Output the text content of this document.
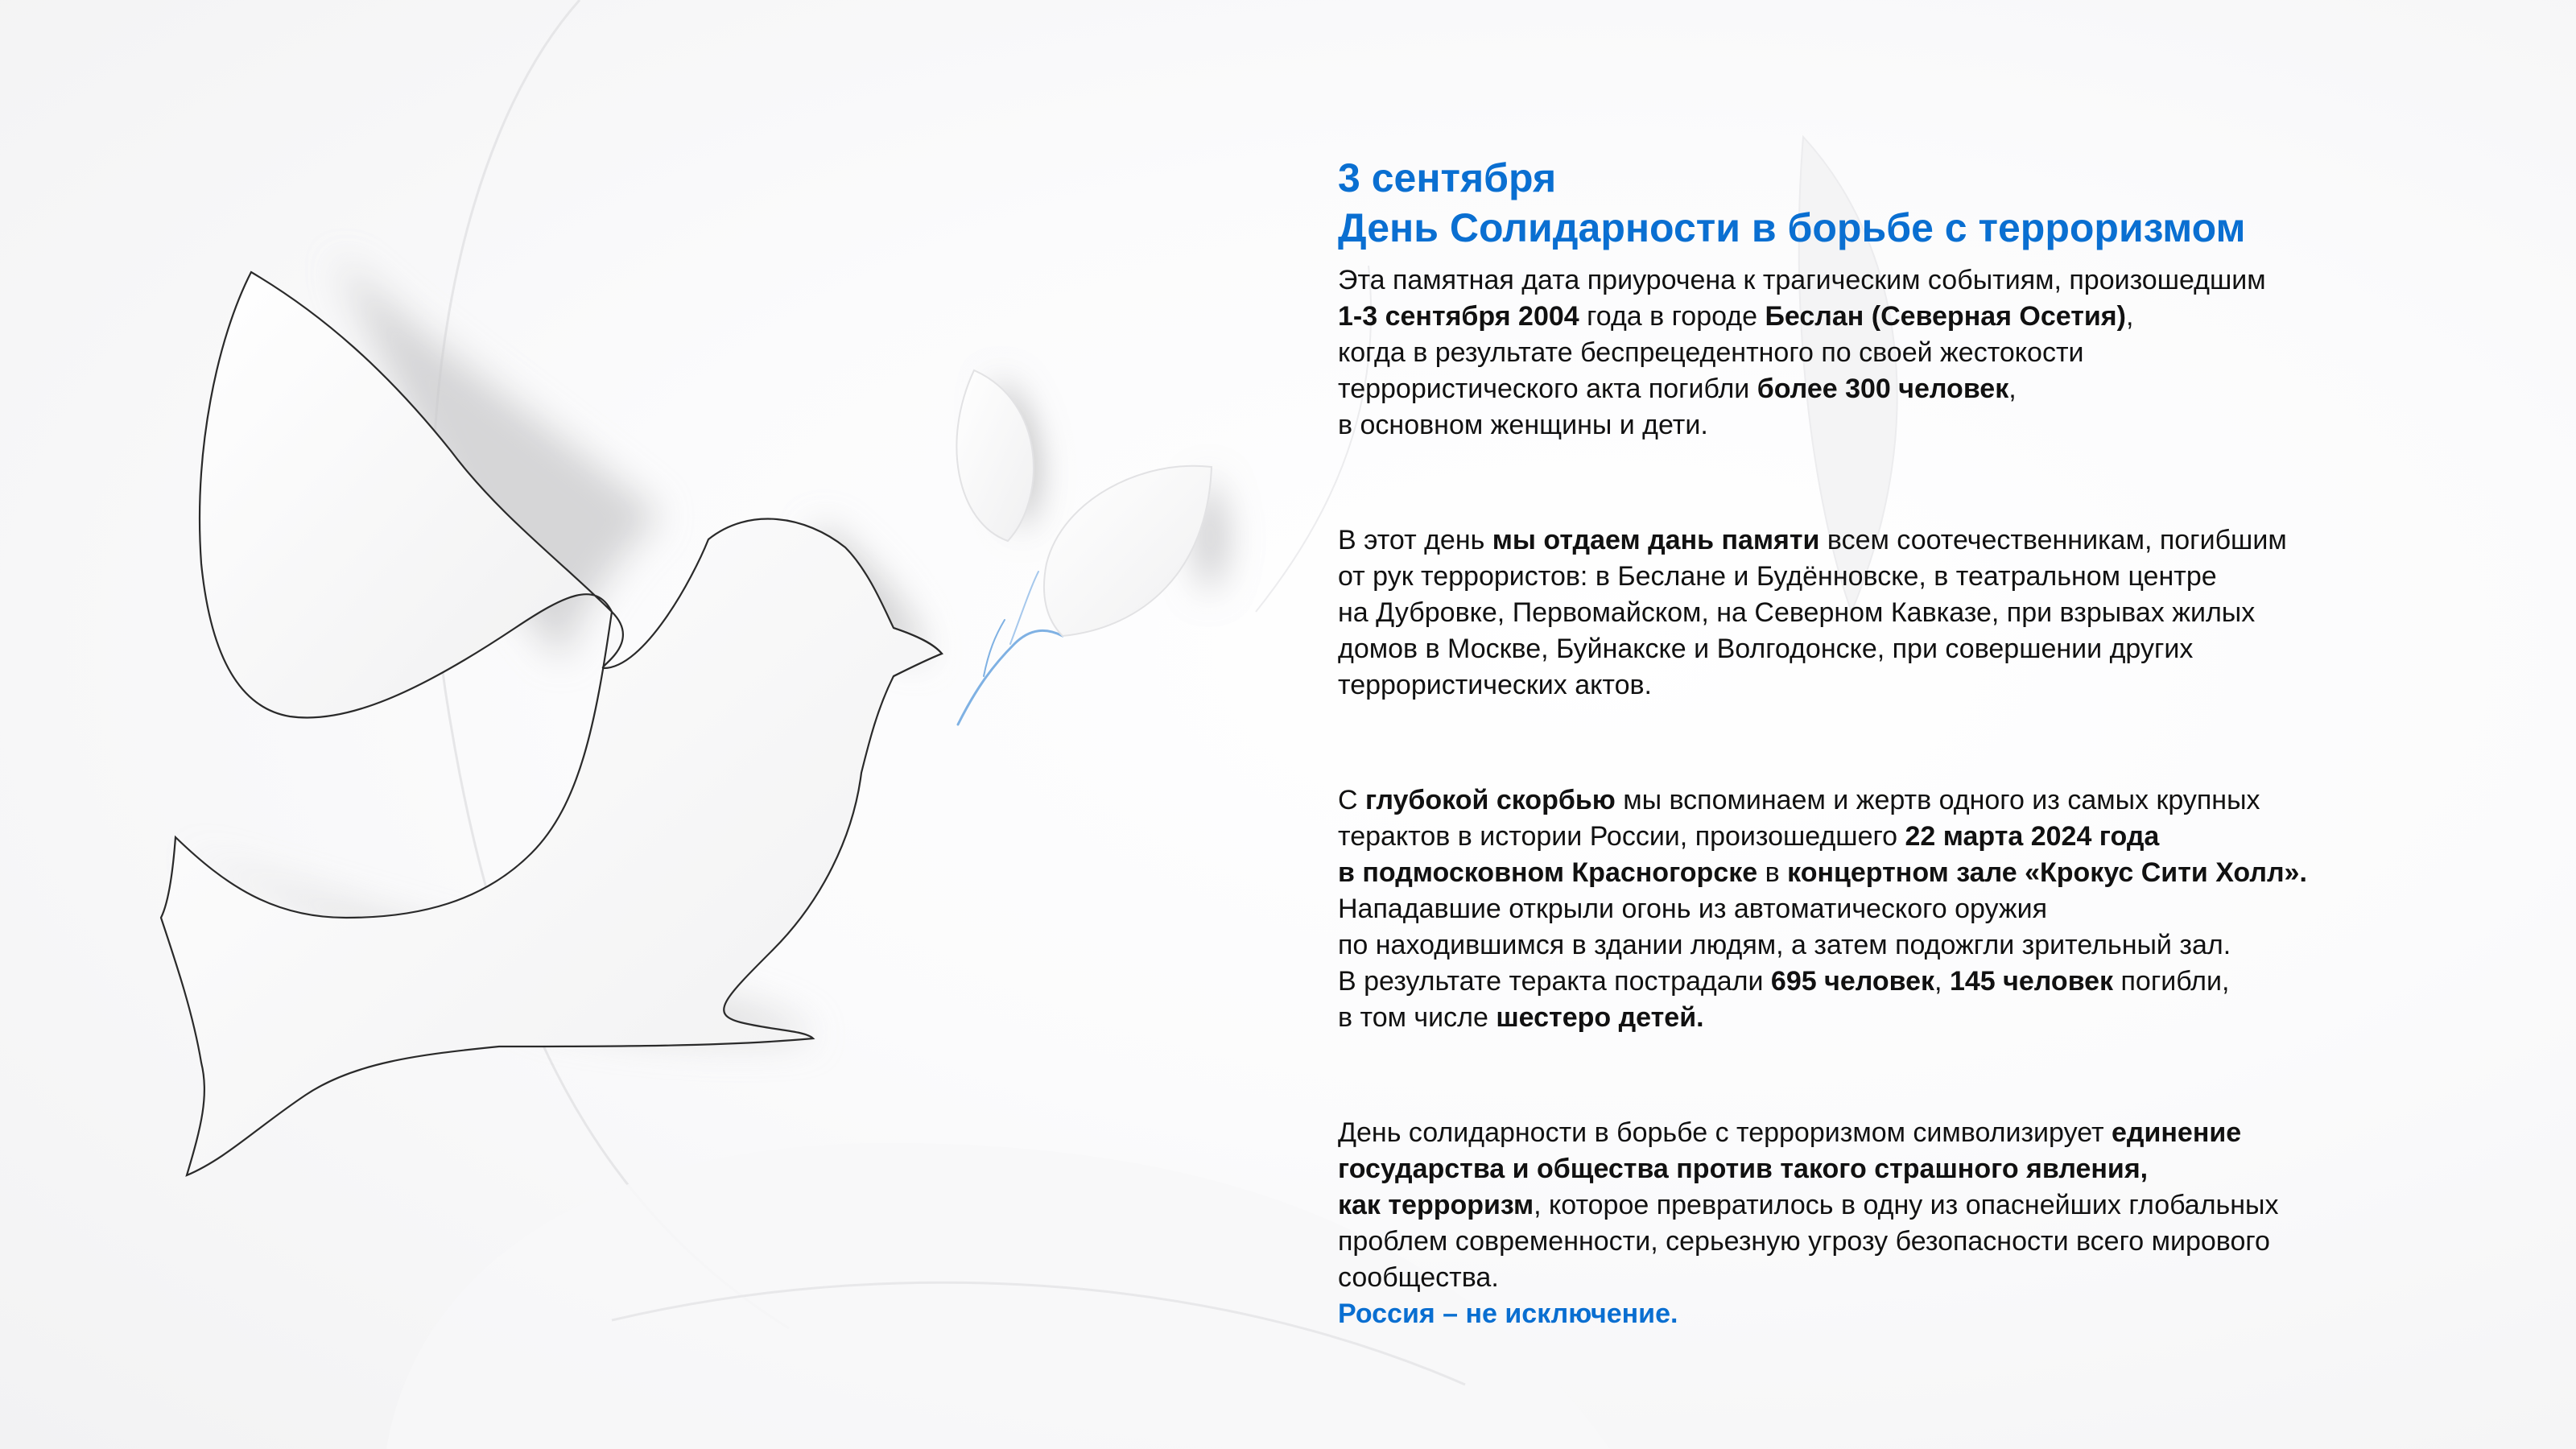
3 сентября
День Солидарности в борьбе с терроризмом
Эта памятная дата приурочена к трагическим событиям, произошедшим
1-3 сентября 2004 года в городе Беслан (Северная Осетия),
когда в результате беспрецедентного по своей жестокости
террористического акта погибли более 300 человек,
в основном женщины и дети.
В этот день мы отдаем дань памяти всем соотечественникам, погибшим
от рук террористов: в Беслане и Будённовске, в театральном центре
на Дубровке, Первомайском, на Северном Кавказе, при взрывах жилых
домов в Москве, Буйнакске и Волгодонске, при совершении других
террористических актов.
С глубокой скорбью мы вспоминаем и жертв одного из самых крупных
терактов в истории России, произошедшего 22 марта 2024 года
в подмосковном Красногорске в концертном зале «Крокус Сити Холл».
Нападавшие открыли огонь из автоматического оружия
по находившимся в здании людям, а затем подожгли зрительный зал.
В результате теракта пострадали 695 человек, 145 человек погибли,
в том числе шестеро детей.
День солидарности в борьбе с терроризмом символизирует единение
государства и общества против такого страшного явления,
как терроризм, которое превратилось в одну из опаснейших глобальных
проблем современности, серьезную угрозу безопасности всего мирового
сообщества.
Россия – не исключение.
